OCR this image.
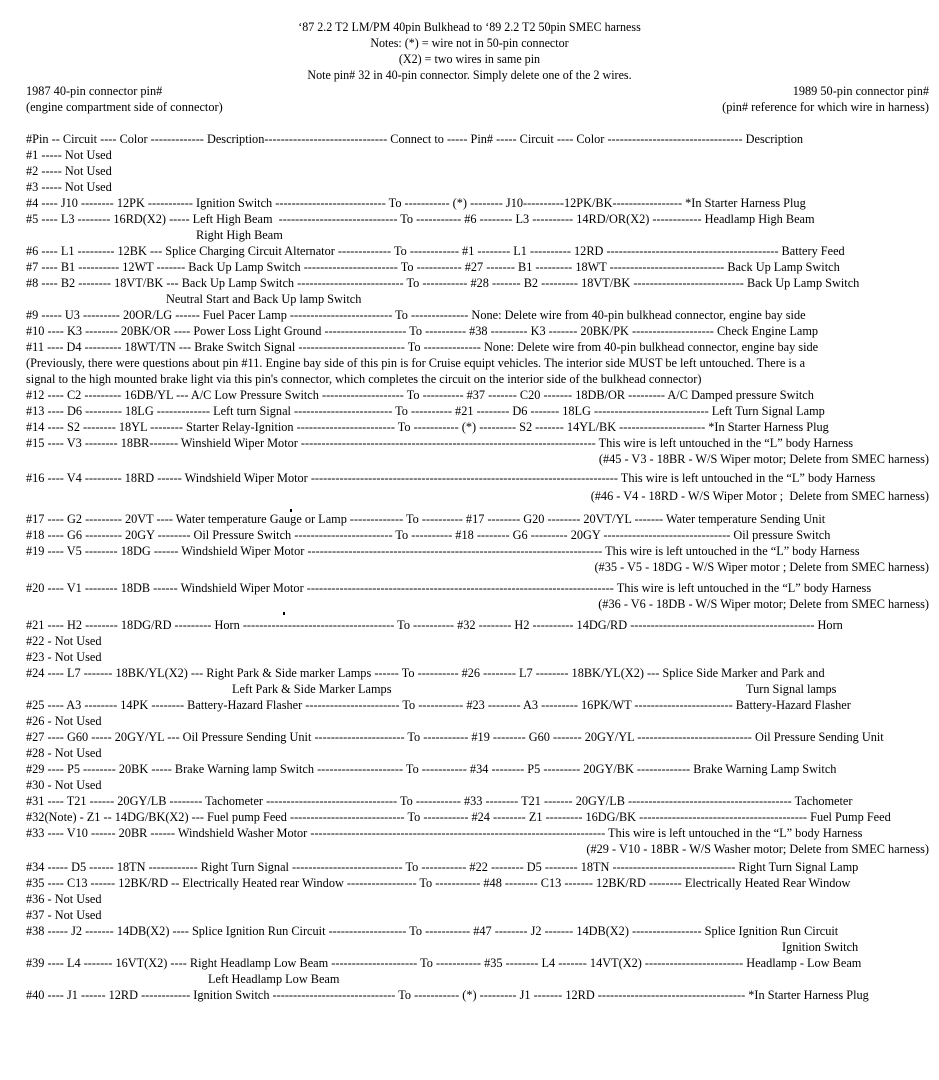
‘87 2.2 T2 LM/PM 40pin Bulkhead to ‘89 2.2 T2 50pin SMEC harness
Notes: (*) = wire not in 50-pin connector
(X2) = two wires in same pin
Note pin# 32 in 40-pin connector. Simply delete one of the 2 wires.
1987 40-pin connector pin#
(engine compartment side of connector)
1989 50-pin connector pin#
(pin# reference for which wire in harness)
#Pin -- Circuit ---- Color ------------- Description------------------------------ Connect to ----- Pin# ----- Circuit ---- Color --------------------------------- Description
#1 ----- Not Used
#2 ----- Not Used
#3 ----- Not Used
#4 ---- J10 -------- 12PK ----------- Ignition Switch --------------------------- To ----------- (*) -------- J10----------12PK/BK----------------- *In Starter Harness Plug
#5 ---- L3 -------- 16RD(X2) ----- Left High Beam  ----------------------------- To ----------- #6 -------- L3 ---------- 14RD/OR(X2) ------------ Headlamp High Beam
Right High Beam
#6 ---- L1 --------- 12BK --- Splice Charging Circuit Alternator ------------- To ------------ #1 -------- L1 ---------- 12RD ------------------------------------------ Battery Feed
#7 ---- B1 ---------- 12WT ------- Back Up Lamp Switch ----------------------- To ----------- #27 ------- B1 --------- 18WT ---------------------------- Back Up Lamp Switch
#8 ---- B2 -------- 18VT/BK --- Back Up Lamp Switch -------------------------- To ----------- #28 ------- B2 --------- 18VT/BK --------------------------- Back Up Lamp Switch
Neutral Start and Back Up lamp Switch
#9 ----- U3 --------- 20OR/LG ------ Fuel Pacer Lamp ------------------------- To -------------- None: Delete wire from 40-pin bulkhead connector, engine bay side
#10 ---- K3 -------- 20BK/OR ---- Power Loss Light Ground -------------------- To ---------- #38 --------- K3 ------- 20BK/PK -------------------- Check Engine Lamp
#11 ---- D4 --------- 18WT/TN --- Brake Switch Signal -------------------------- To -------------- None: Delete wire from 40-pin bulkhead connector, engine bay side
(Previously, there were questions about pin #11. Engine bay side of this pin is for Cruise equipt vehicles. The interior side MUST be left untouched. There is a
signal to the high mounted brake light via this pin's connector, which completes the circuit on the interior side of the bulkhead connector)
#12 ---- C2 --------- 16DB/YL --- A/C Low Pressure Switch -------------------- To ---------- #37 ------- C20 ------- 18DB/OR --------- A/C Damped pressure Switch
#13 ---- D6 --------- 18LG ------------- Left turn Signal ------------------------ To ---------- #21 -------- D6 ------- 18LG ---------------------------- Left Turn Signal Lamp
#14 ---- S2 -------- 18YL -------- Starter Relay-Ignition ------------------------ To ----------- (*) --------- S2 ------- 14YL/BK --------------------- *In Starter Harness Plug
#15 ---- V3 -------- 18BR------- Winshield Wiper Motor ------------------------------------------------------------------------ This wire is left untouched in the “L” body Harness
(#45 - V3 - 18BR - W/S Wiper motor; Delete from SMEC harness)
#16 ---- V4 --------- 18RD ------ Windshield Wiper Motor --------------------------------------------------------------------------- This wire is left untouched in the “L” body Harness
(#46 - V4 - 18RD - W/S Wiper Motor ;  Delete from SMEC harness)
#17 ---- G2 --------- 20VT ---- Water temperature Gauge or Lamp ------------- To ---------- #17 -------- G20 -------- 20VT/YL ------- Water temperature Sending Unit
#18 ---- G6 --------- 20GY -------- Oil Pressure Switch ------------------------ To ---------- #18 -------- G6 --------- 20GY ------------------------------- Oil pressure Switch
#19 ---- V5 -------- 18DG ------ Windshield Wiper Motor ------------------------------------------------------------------------ This wire is left untouched in the “L” body Harness
(#35 - V5 - 18DG - W/S Wiper motor ; Delete from SMEC harness)
#20 ---- V1 -------- 18DB ------ Windshield Wiper Motor --------------------------------------------------------------------------- This wire is left untouched in the “L” body Harness
(#36 - V6 - 18DB - W/S Wiper motor; Delete from SMEC harness)
#21 ---- H2 -------- 18DG/RD --------- Horn ------------------------------------- To ---------- #32 -------- H2 ---------- 14DG/RD --------------------------------------------- Horn
#22 - Not Used
#23 - Not Used
#24 ---- L7 ------- 18BK/YL(X2) --- Right Park & Side marker Lamps ------ To ---------- #26 -------- L7 -------- 18BK/YL(X2) --- Splice Side Marker and Park and
Left Park & Side Marker Lamps	Turn Signal lamps
#25 ---- A3 -------- 14PK -------- Battery-Hazard Flasher ----------------------- To ----------- #23 -------- A3 --------- 16PK/WT ------------------------ Battery-Hazard Flasher
#26 - Not Used
#27 ---- G60 ----- 20GY/YL --- Oil Pressure Sending Unit ---------------------- To ----------- #19 -------- G60 ------- 20GY/YL ---------------------------- Oil Pressure Sending Unit
#28 - Not Used
#29 ---- P5 -------- 20BK ----- Brake Warning lamp Switch --------------------- To ----------- #34 -------- P5 --------- 20GY/BK ------------- Brake Warning Lamp Switch
#30 - Not Used
#31 ---- T21 ------ 20GY/LB -------- Tachometer -------------------------------- To ----------- #33 -------- T21 ------- 20GY/LB ---------------------------------------- Tachometer
#32(Note) - Z1 -- 14DG/BK(X2) --- Fuel pump Feed ---------------------------- To ----------- #24 -------- Z1 --------- 16DG/BK ----------------------------------------- Fuel Pump Feed
#33 ---- V10 ------ 20BR ------ Windshield Washer Motor ------------------------------------------------------------------------ This wire is left untouched in the “L” body Harness
(#29 - V10 - 18BR - W/S Washer motor; Delete from SMEC harness)
#34 ----- D5 ------ 18TN ------------ Right Turn Signal --------------------------- To ----------- #22 -------- D5 -------- 18TN ------------------------------ Right Turn Signal Lamp
#35 ---- C13 ------ 12BK/RD -- Electrically Heated rear Window ----------------- To ----------- #48 -------- C13 ------- 12BK/RD -------- Electrically Heated Rear Window
#36 - Not Used
#37 - Not Used
#38 ----- J2 ------- 14DB(X2) ---- Splice Ignition Run Circuit ------------------- To ----------- #47 -------- J2 ------- 14DB(X2) ----------------- Splice Ignition Run Circuit
Ignition Switch
#39 ---- L4 ------- 16VT(X2) ---- Right Headlamp Low Beam --------------------- To ----------- #35 -------- L4 ------- 14VT(X2) ------------------------ Headlamp - Low Beam
Left Headlamp Low Beam
#40 ---- J1 ------ 12RD ------------ Ignition Switch ------------------------------ To ----------- (*) --------- J1 ------- 12RD ------------------------------------ *In Starter Harness Plug
